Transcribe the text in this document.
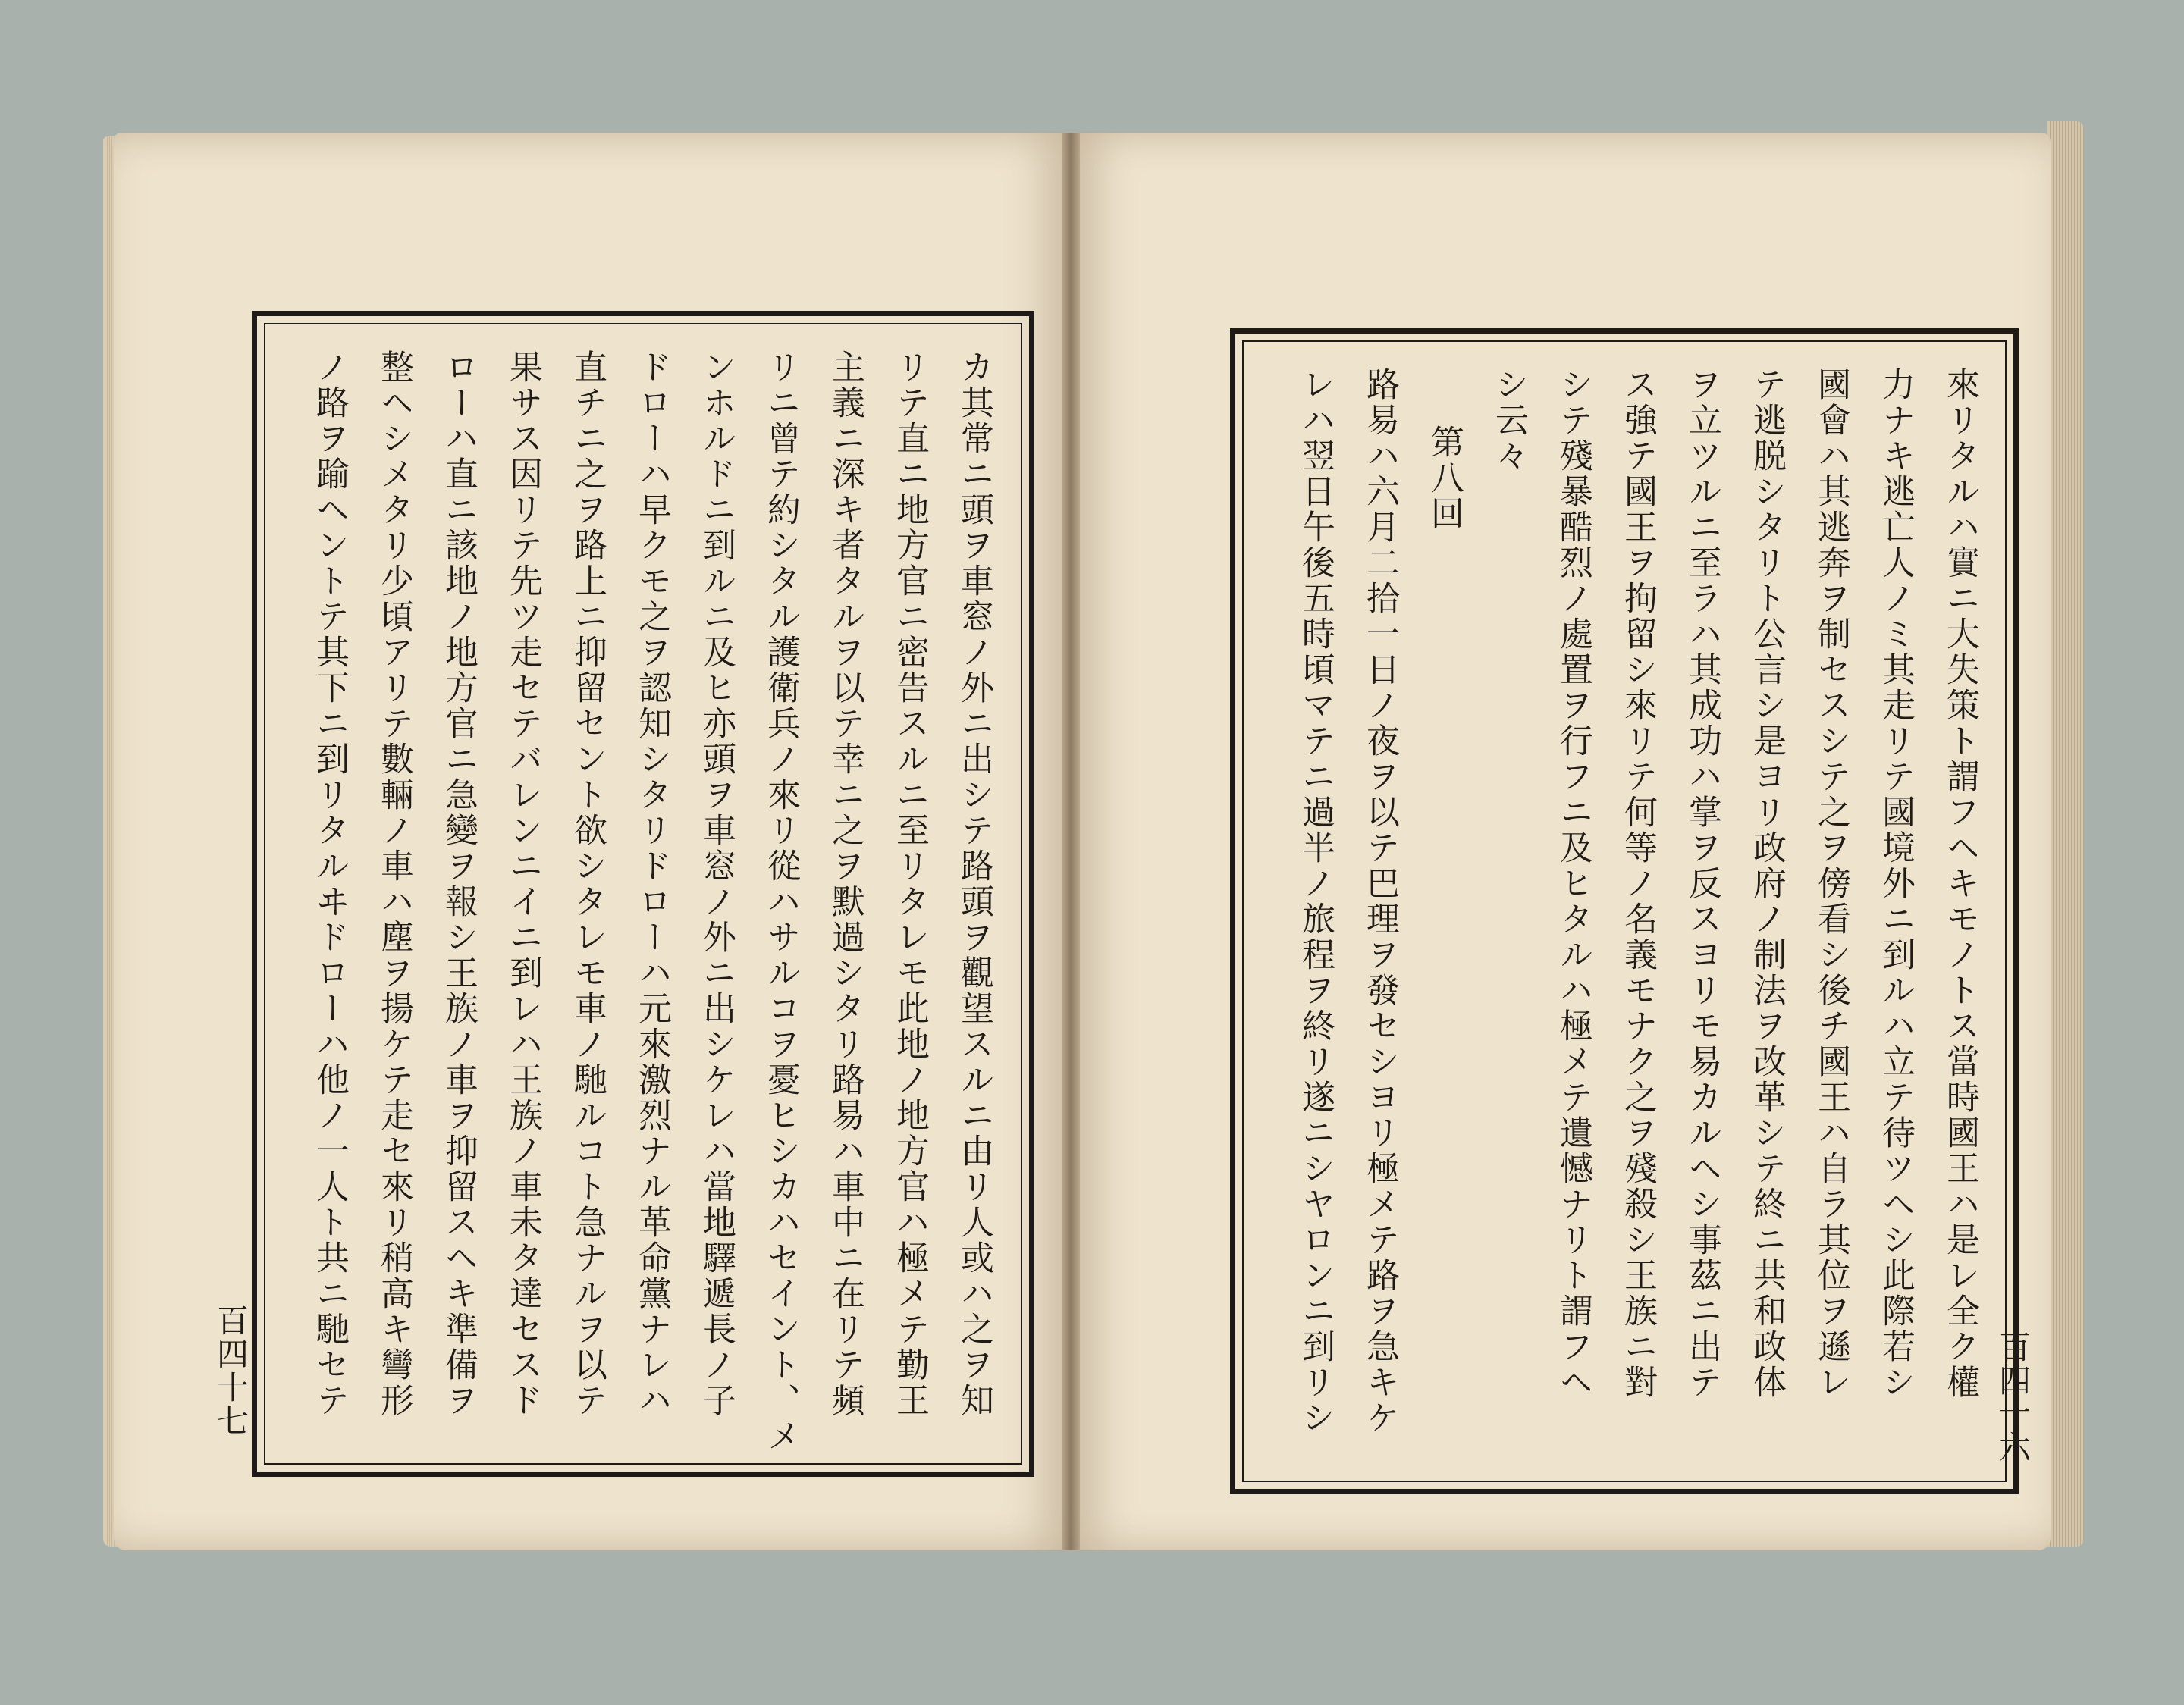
カ其常ニ頭ヲ車窓ノ外ニ出シテ路頭ヲ觀望スルニ由リ人或ハ之ヲ知
リテ直ニ地方官ニ密告スルニ至リタレモ此地ノ地方官ハ極メテ勤王
主義ニ深キ者タルヲ以テ幸ニ之ヲ默過シタリ路易ハ車中ニ在リテ頻
リニ曾テ約シタル護衛兵ノ來リ從ハサルコヲ憂ヒシカハセイント、メ
ンホルドニ到ルニ及ヒ亦頭ヲ車窓ノ外ニ出シケレハ當地驛遞長ノ子
ドローハ早クモ之ヲ認知シタリドローハ元來激烈ナル革命黨ナレハ
直チニ之ヲ路上ニ抑留セント欲シタレモ車ノ馳ルコト急ナルヲ以テ
果サス因リテ先ツ走セテバレンニイニ到レハ王族ノ車未タ達セスド
ローハ直ニ該地ノ地方官ニ急變ヲ報シ王族ノ車ヲ抑留スヘキ準備ヲ
整ヘシメタリ少頃アリテ數輛ノ車ハ塵ヲ揚ケテ走セ來リ稍高キ彎形
ノ路ヲ踰ヘントテ其下ニ到リタルヰドローハ他ノ一人ト共ニ馳セテ
百四十七	來リタルハ實ニ大失策ト謂フヘキモノトス當時國王ハ是レ全ク權
力ナキ逃亡人ノミ其走リテ國境外ニ到ルハ立テ待ツヘシ此際若シ
國會ハ其逃奔ヲ制セスシテ之ヲ傍看シ後チ國王ハ自ラ其位ヲ遜レ
テ逃脱シタリト公言シ是ヨリ政府ノ制法ヲ改革シテ終ニ共和政体
ヲ立ツルニ至ラハ其成功ハ掌ヲ反スヨリモ易カルヘシ事茲ニ出テ
ス強テ國王ヲ拘留シ來リテ何等ノ名義モナク之ヲ殘殺シ王族ニ對
シテ殘暴酷烈ノ處置ヲ行フニ及ヒタルハ極メテ遺憾ナリト謂フヘ
シ云々
第八回
路易ハ六月二拾一日ノ夜ヲ以テ巴理ヲ發セシヨリ極メテ路ヲ急キケ
レハ翌日午後五時頃マテニ過半ノ旅程ヲ終リ遂ニシヤロンニ到リシ	百四十六
